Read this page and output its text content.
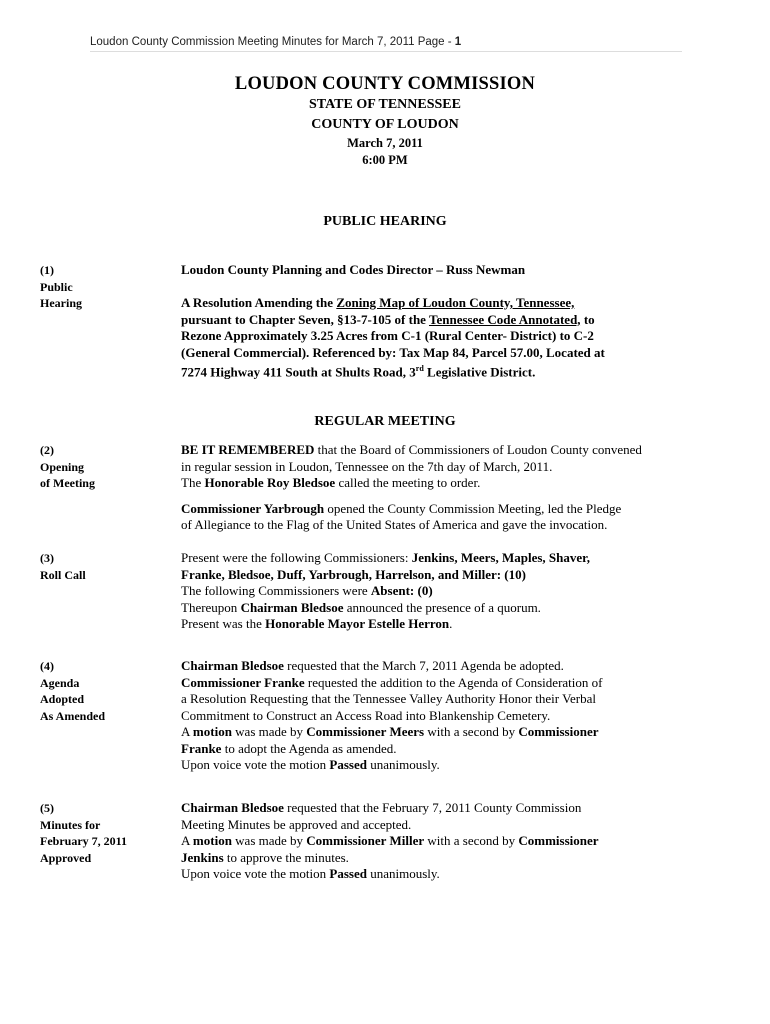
Loudon County Commission Meeting Minutes for March 7, 2011 Page - 1
LOUDON COUNTY COMMISSION
STATE OF TENNESSEE
COUNTY OF LOUDON
March 7, 2011
6:00 PM
PUBLIC HEARING
(1)
Public
Hearing

Loudon County Planning and Codes Director – Russ Newman

A Resolution Amending the Zoning Map of Loudon County, Tennessee,
pursuant to Chapter Seven, §13-7-105 of the Tennessee Code Annotated, to
Rezone Approximately 3.25 Acres from C-1 (Rural Center- District) to C-2
(General Commercial). Referenced by: Tax Map 84, Parcel 57.00, Located at
7274 Highway 411 South at Shults Road, 3rd Legislative District.

REGULAR MEETING
(2)
Opening
of Meeting

BE IT REMEMBERED that the Board of Commissioners of Loudon County convened
in regular session in Loudon, Tennessee on the 7th day of March, 2011.
The Honorable Roy Bledsoe called the meeting to order.

Commissioner Yarbrough opened the County Commission Meeting, led the Pledge
of Allegiance to the Flag of the United States of America and gave the invocation.

(3)
Roll Call

Present were the following Commissioners: Jenkins, Meers, Maples, Shaver,
Franke, Bledsoe, Duff, Yarbrough, Harrelson, and Miller: (10)
The following Commissioners were Absent: (0)
Thereupon Chairman Bledsoe announced the presence of a quorum.
Present was the Honorable Mayor Estelle Herron.

(4)
Agenda
Adopted
As Amended

Chairman Bledsoe requested that the March 7, 2011 Agenda be adopted.
Commissioner Franke requested the addition to the Agenda of Consideration of
a Resolution Requesting that the Tennessee Valley Authority Honor their Verbal
Commitment to Construct an Access Road into Blankenship Cemetery.
A motion was made by Commissioner Meers with a second by Commissioner
Franke to adopt the Agenda as amended.
Upon voice vote the motion Passed unanimously.

(5)
Minutes for
February 7, 2011
Approved

Chairman Bledsoe requested that the February 7, 2011 County Commission
Meeting Minutes be approved and accepted.
A motion was made by Commissioner Miller with a second by Commissioner
Jenkins to approve the minutes.
Upon voice vote the motion Passed unanimously.
